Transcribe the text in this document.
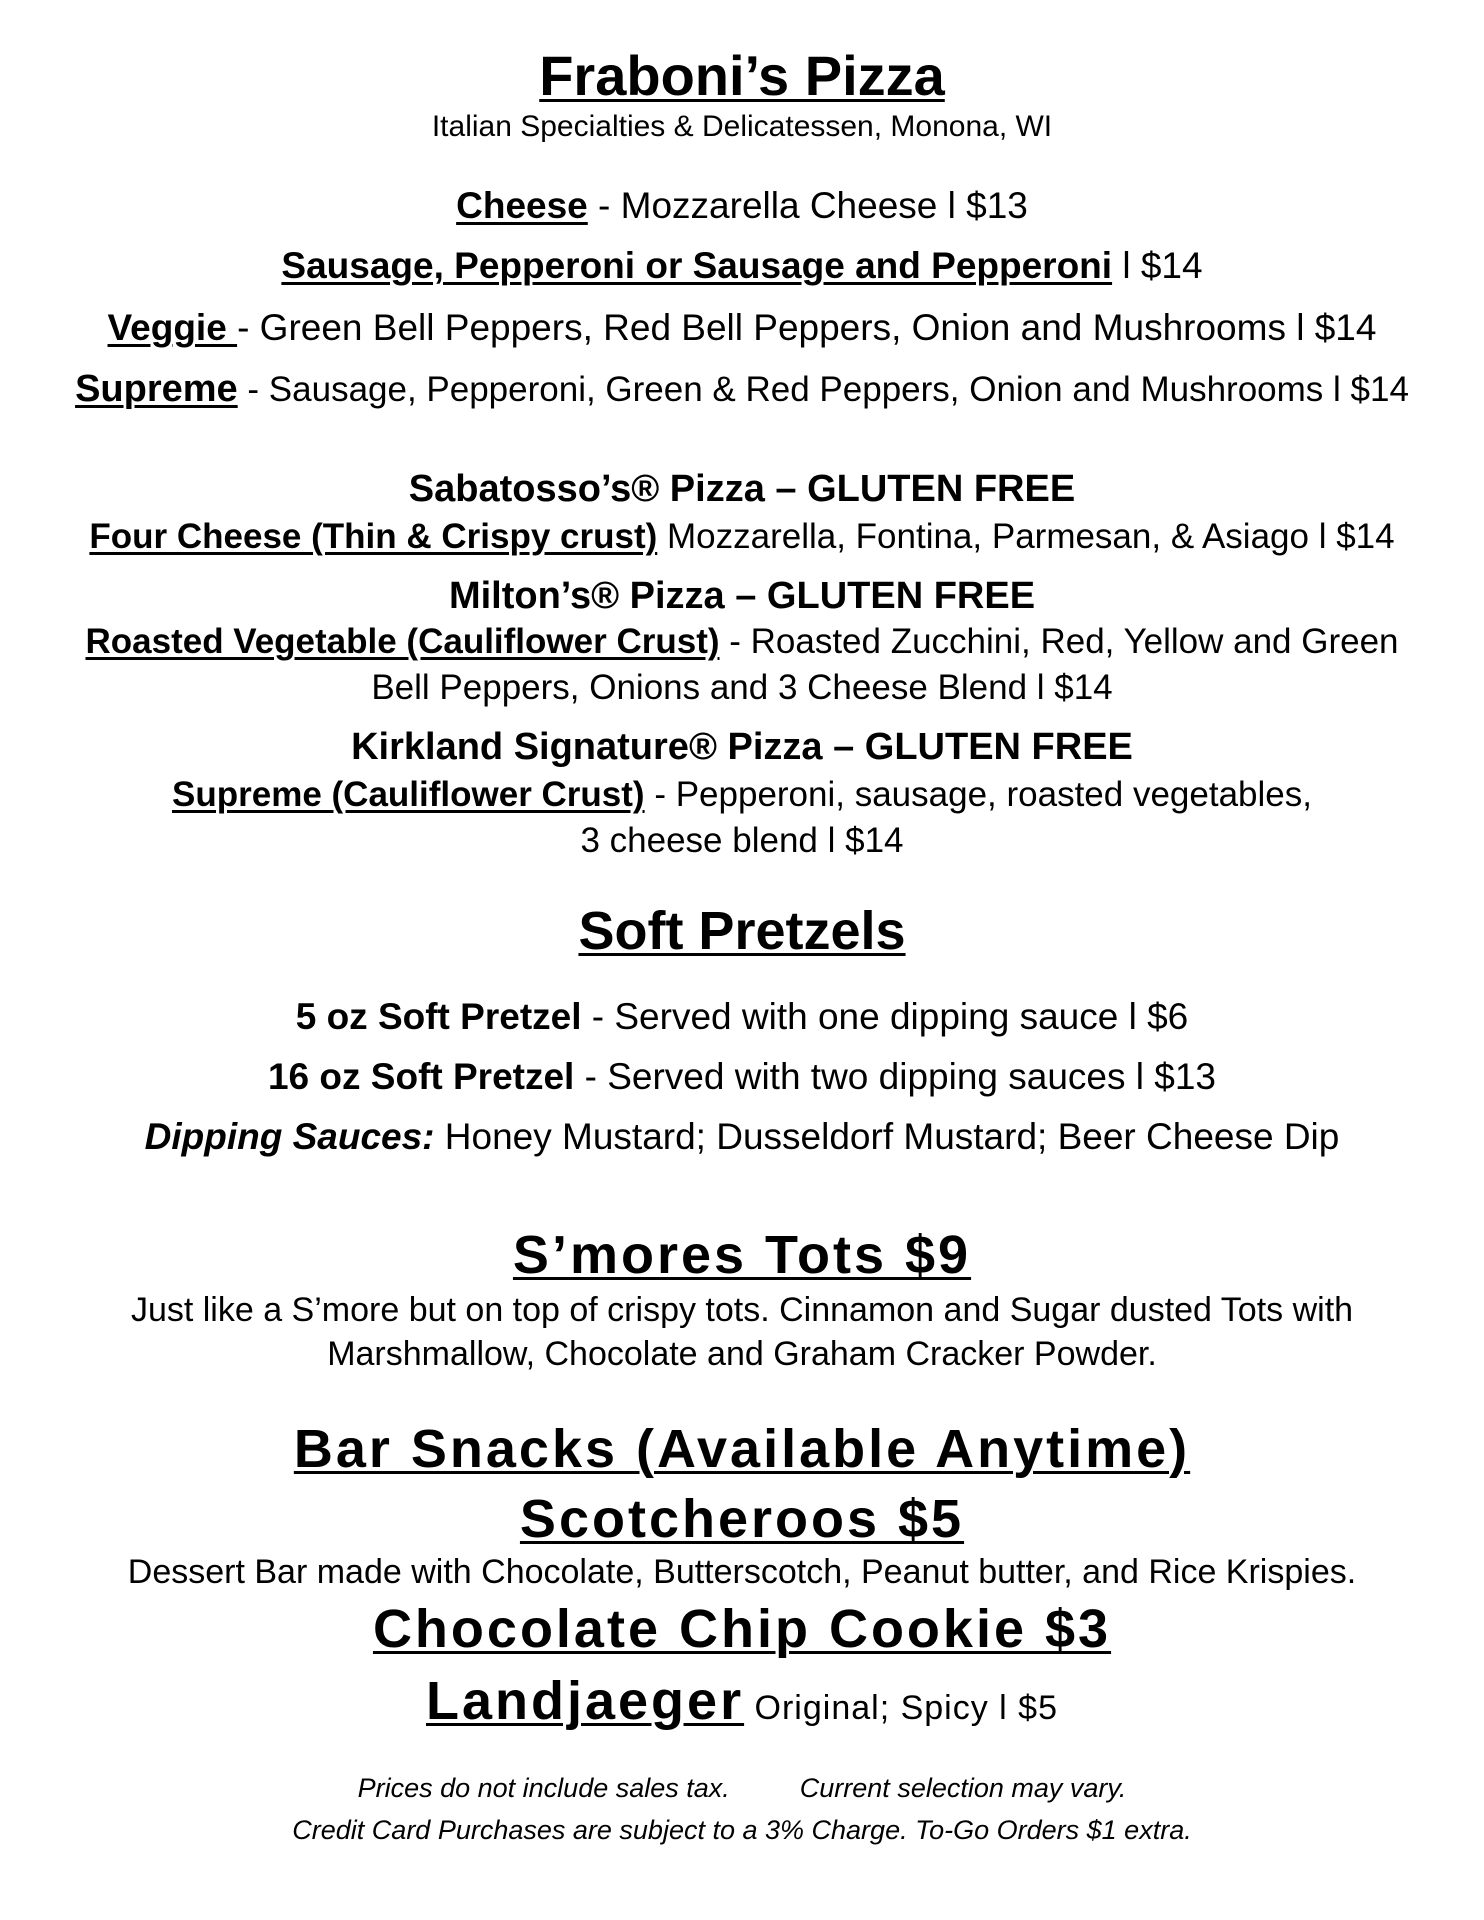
Fraboni’s Pizza
Italian Specialties & Delicatessen, Monona, WI
Cheese - Mozzarella Cheese l $13
Sausage, Pepperoni or Sausage and Pepperoni l $14
Veggie - Green Bell Peppers, Red Bell Peppers, Onion and Mushrooms l $14
Supreme - Sausage, Pepperoni, Green & Red Peppers, Onion and Mushrooms l $14
Sabatosso’s® Pizza – GLUTEN FREE
Four Cheese (Thin & Crispy crust) Mozzarella, Fontina, Parmesan, & Asiago l $14
Milton’s® Pizza – GLUTEN FREE
Roasted Vegetable (Cauliflower Crust) - Roasted Zucchini, Red, Yellow and Green
Bell Peppers, Onions and 3 Cheese Blend l $14
Kirkland Signature® Pizza – GLUTEN FREE
Supreme (Cauliflower Crust) - Pepperoni, sausage, roasted vegetables,
3 cheese blend l $14
Soft Pretzels
5 oz Soft Pretzel - Served with one dipping sauce l $6
16 oz Soft Pretzel - Served with two dipping sauces l $13
Dipping Sauces: Honey Mustard; Dusseldorf Mustard; Beer Cheese Dip
S’mores Tots $9
Just like a S’more but on top of crispy tots. Cinnamon and Sugar dusted Tots with
Marshmallow, Chocolate and Graham Cracker Powder.
Bar Snacks (Available Anytime)
Scotcheroos $5
Dessert Bar made with Chocolate, Butterscotch, Peanut butter, and Rice Krispies.
Chocolate Chip Cookie $3
Landjaeger Original; Spicy l $5
Prices do not include sales tax.	Current selection may vary.
Credit Card Purchases are subject to a 3% Charge. To-Go Orders $1 extra.
